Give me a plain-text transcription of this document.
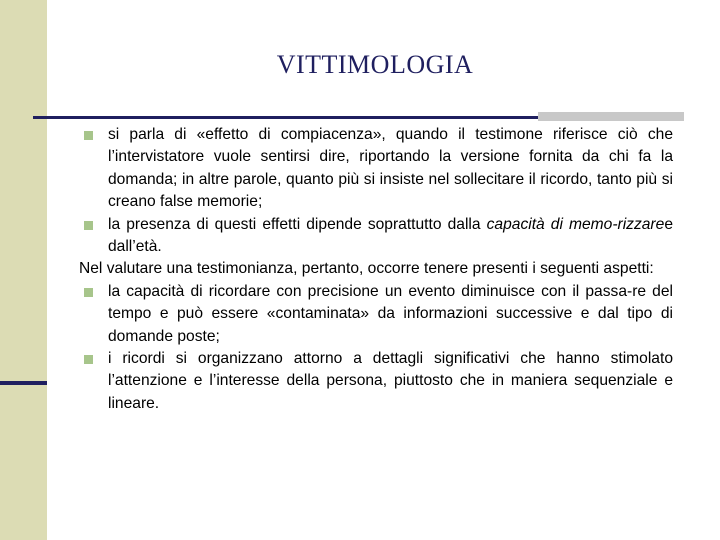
VITTIMOLOGIA
si parla di «effetto di compiacenza», quando il testimone riferisce ciò che l’intervistatore vuole sentirsi dire, riportando la versione fornita da chi fa la domanda; in altre parole, quanto più si insiste nel sollecitare il ricordo, tanto più si creano false memorie;
la presenza di questi effetti dipende soprattutto dalla capacità di memo-rizzaree dall’età.

Nel valutare una testimonianza, pertanto, occorre tenere presenti i seguenti aspetti:

la capacità di ricordare con precisione un evento diminuisce con il passa-re del tempo e può essere «contaminata» da informazioni successive e dal tipo di domande poste;
i ricordi si organizzano attorno a dettagli significativi che hanno stimolato l’attenzione e l’interesse della persona, piuttosto che in maniera sequenziale e lineare.
